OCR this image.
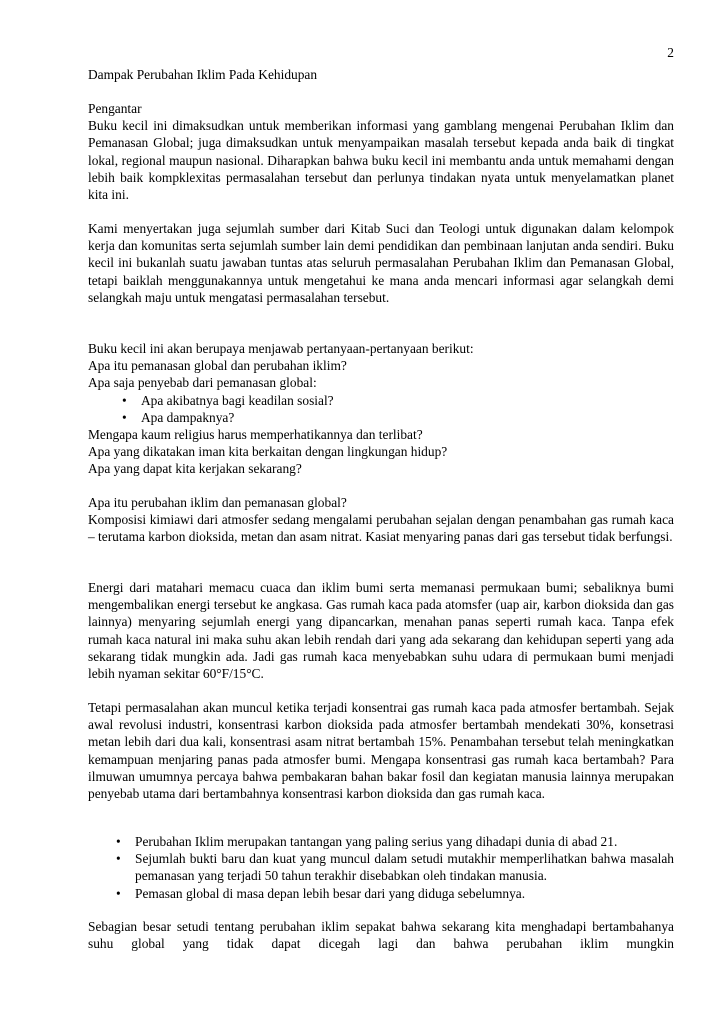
2
Dampak Perubahan Iklim Pada Kehidupan
Pengantar
Buku kecil ini dimaksudkan untuk memberikan informasi yang gamblang mengenai Perubahan Iklim dan Pemanasan Global; juga dimaksudkan untuk menyampaikan masalah tersebut kepada anda baik di tingkat lokal, regional maupun nasional. Diharapkan bahwa buku kecil ini membantu anda untuk memahami dengan lebih baik kompklexitas permasalahan tersebut dan perlunya tindakan nyata untuk menyelamatkan planet kita ini.
Kami menyertakan juga sejumlah sumber dari Kitab Suci dan Teologi untuk digunakan dalam kelompok kerja dan komunitas serta sejumlah sumber lain demi pendidikan dan pembinaan lanjutan anda sendiri. Buku kecil ini bukanlah suatu jawaban tuntas atas seluruh permasalahan Perubahan Iklim dan Pemanasan Global, tetapi baiklah menggunakannya untuk mengetahui ke mana anda mencari informasi agar selangkah demi selangkah maju untuk mengatasi permasalahan tersebut.
Buku kecil ini akan berupaya menjawab pertanyaan-pertanyaan berikut:
Apa itu pemanasan global dan perubahan iklim?
Apa saja penyebab dari pemanasan global:
• Apa akibatnya bagi keadilan sosial?
• Apa dampaknya?
Mengapa kaum religius harus memperhatikannya dan terlibat?
Apa yang dikatakan iman kita berkaitan dengan lingkungan hidup?
Apa yang dapat kita kerjakan sekarang?
Apa itu perubahan iklim dan pemanasan global?
Komposisi kimiawi dari atmosfer sedang mengalami perubahan sejalan dengan penambahan gas rumah kaca – terutama karbon dioksida, metan dan asam nitrat. Kasiat menyaring panas dari gas tersebut tidak berfungsi.
Energi dari matahari memacu cuaca dan iklim bumi serta memanasi permukaan bumi; sebaliknya bumi mengembalikan energi tersebut ke angkasa. Gas rumah kaca pada atomsfer (uap air, karbon dioksida dan gas lainnya) menyaring sejumlah energi yang dipancarkan, menahan panas seperti rumah kaca. Tanpa efek rumah kaca natural ini maka suhu akan lebih rendah dari yang ada sekarang dan kehidupan seperti yang ada sekarang tidak mungkin ada. Jadi gas rumah kaca menyebabkan suhu udara di permukaan bumi menjadi lebih nyaman sekitar 60°F/15°C.
Tetapi permasalahan akan muncul ketika terjadi konsentrai gas rumah kaca pada atmosfer bertambah. Sejak awal revolusi industri, konsentrasi karbon dioksida pada atmosfer bertambah mendekati 30%, konsetrasi metan lebih dari dua kali, konsentrasi asam nitrat bertambah 15%. Penambahan tersebut telah meningkatkan kemampuan menjaring panas pada atmosfer bumi. Mengapa konsentrasi gas rumah kaca bertambah? Para ilmuwan umumnya percaya bahwa pembakaran bahan bakar fosil dan kegiatan manusia lainnya merupakan penyebab utama dari bertambahnya konsentrasi karbon dioksida dan gas rumah kaca.
• Perubahan Iklim merupakan tantangan yang paling serius yang dihadapi dunia di abad 21.
• Sejumlah bukti baru dan kuat yang muncul dalam setudi mutakhir memperlihatkan bahwa masalah pemanasan yang terjadi 50 tahun terakhir disebabkan oleh tindakan manusia.
• Pemasan global di masa depan lebih besar dari yang diduga sebelumnya.
Sebagian besar setudi tentang perubahan iklim sepakat bahwa sekarang kita menghadapi bertambahanya suhu global yang tidak dapat dicegah lagi dan bahwa perubahan iklim mungkin
